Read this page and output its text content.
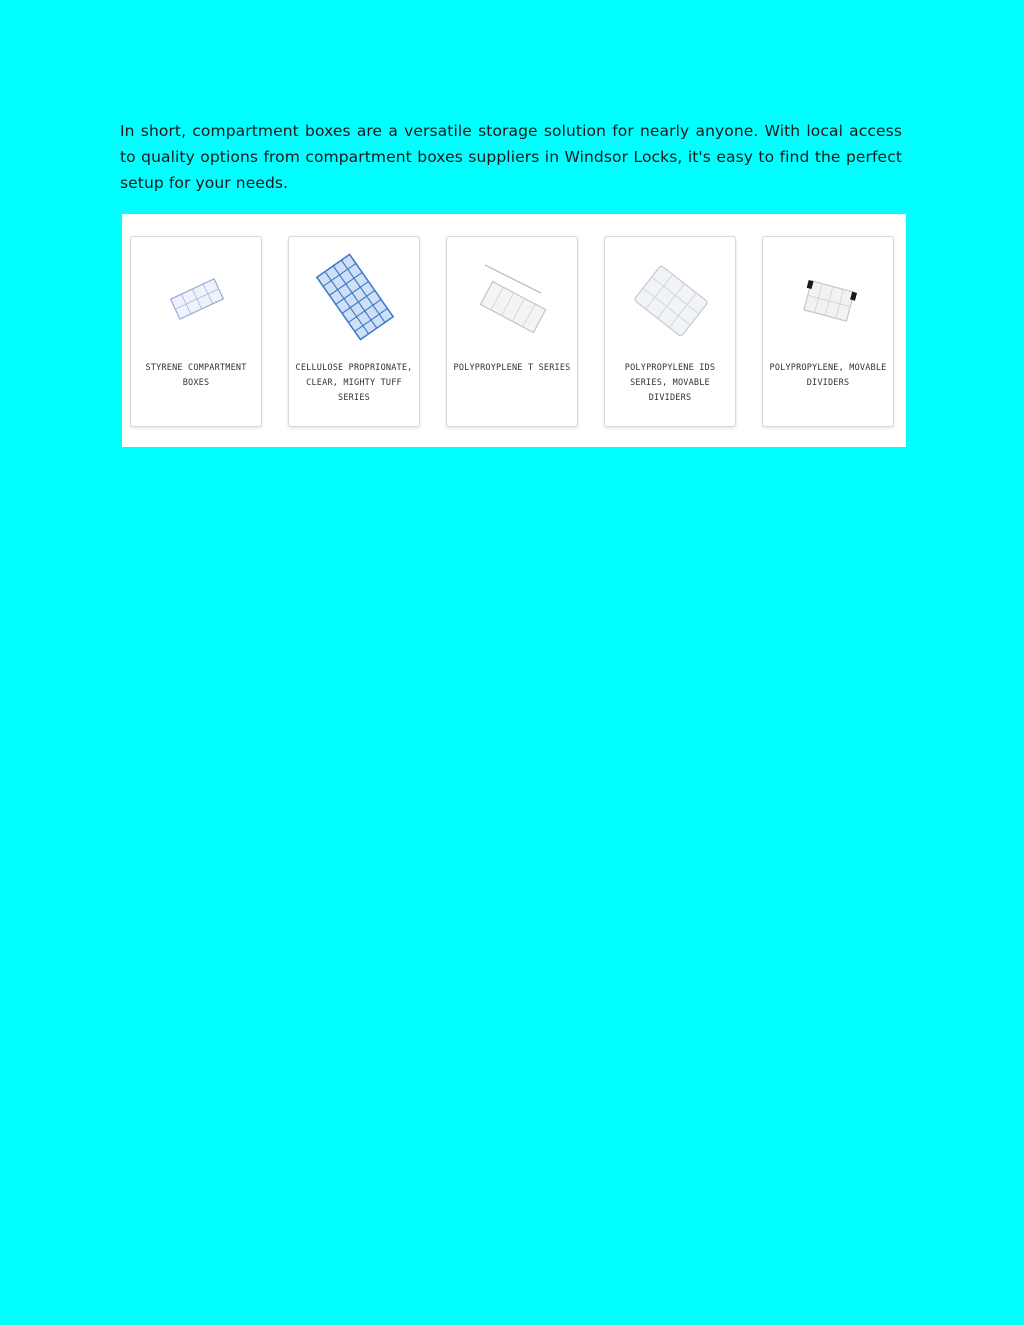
In short, compartment boxes are a versatile storage solution for nearly anyone. With local access to quality options from compartment boxes suppliers in Windsor Locks, it's easy to find the perfect setup for your needs.

STYRENE COMPARTMENT BOXES
CELLULOSE PROPRIONATE, CLEAR, MIGHTY TUFF SERIES
POLYPROYPLENE T SERIES	POLYPROPYLENE IDS SERIES, MOVABLE DIVIDERS
POLYPROPYLENE, MOVABLE DIVIDERS
